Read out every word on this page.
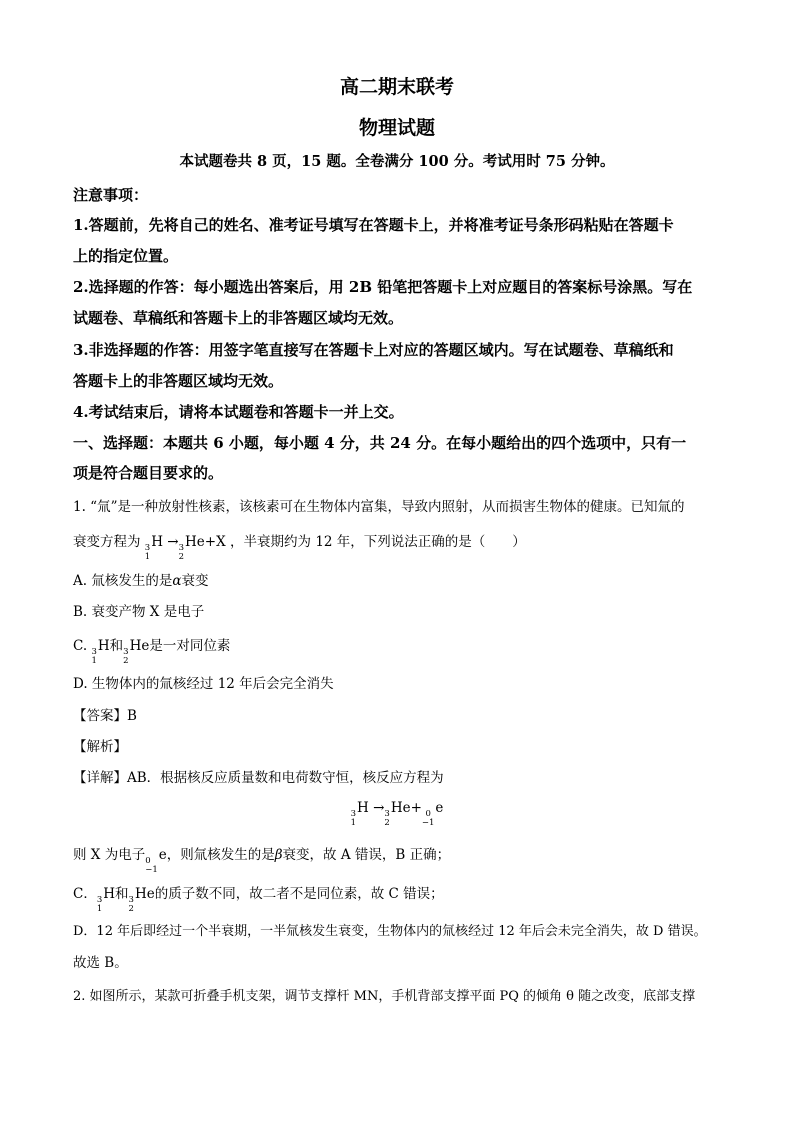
高二期末联考
物理试题
本试题卷共 8 页，15 题。全卷满分 100 分。考试用时 75 分钟。
注意事项：
1.答题前，先将自己的姓名、准考证号填写在答题卡上，并将准考证号条形码粘贴在答题卡
上的指定位置。
2.选择题的作答：每小题选出答案后，用 2B 铅笔把答题卡上对应题目的答案标号涂黑。写在
试题卷、草稿纸和答题卡上的非答题区域均无效。
3.非选择题的作答：用签字笔直接写在答题卡上对应的答题区域内。写在试题卷、草稿纸和
答题卡上的非答题区域均无效。
4.考试结束后，请将本试题卷和答题卡一并上交。
一、选择题：本题共 6 小题，每小题 4 分，共 24 分。在每小题给出的四个选项中，只有一
项是符合题目要求的。
1. “氚”是一种放射性核素，该核素可在生物体内富集，导致内照射，从而损害生物体的健康。已知氚的
衰变方程为 3
1
H → 3
2
He+X ，半衰期约为 12 年，下列说法正确的是（　　）
A. 氚核发生的是α衰变
B. 衰变产物 X 是电子
C. 3
1
H和 3
2
He是一对同位素
D. 生物体内的氚核经过 12 年后会完全消失
【答案】B
【解析】
【详解】AB．根据核反应质量数和电荷数守恒，核反应方程为
3
1
H → 3
2
He+ 0
−1
e
则 X 为电子 0
−1
e，则氚核发生的是β衰变，故 A 错误，B 正确；
C． 3
1
H和 3
2
He的质子数不同，故二者不是同位素，故 C 错误；
D．12 年后即经过一个半衰期，一半氚核发生衰变，生物体内的氚核经过 12 年后会未完全消失，故 D 错误。
故选 B。
2. 如图所示，某款可折叠手机支架，调节支撑杆 MN，手机背部支撑平面 PQ 的倾角 θ 随之改变，底部支撑
